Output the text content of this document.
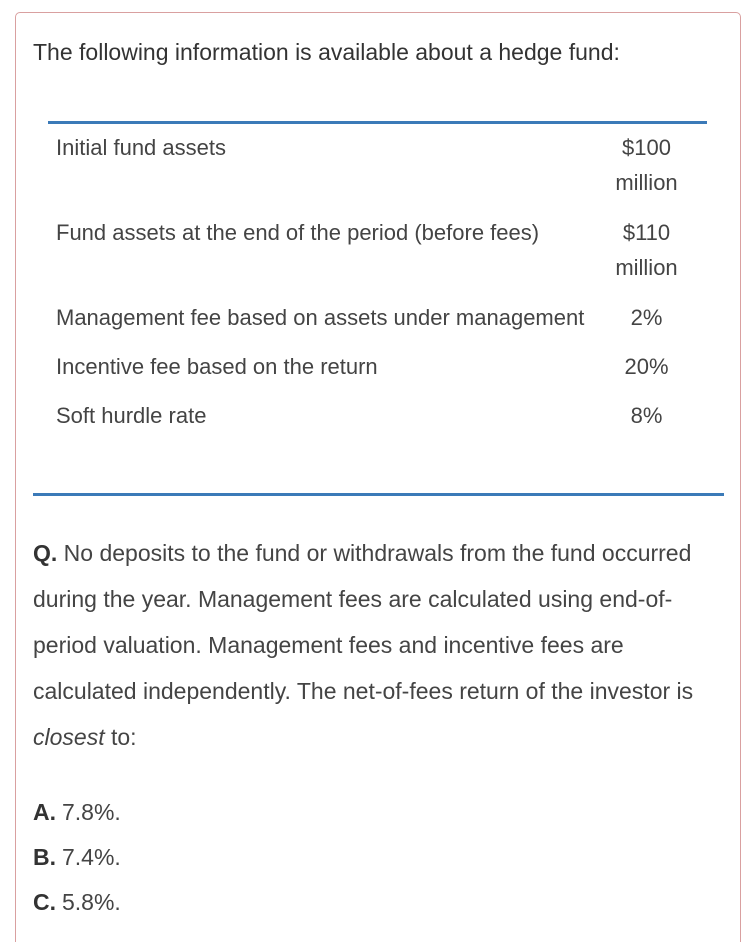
The following information is available about a hedge fund:

Initial fund assets	$100
million
Fund assets at the end of the period (before fees)	$110
million
Management fee based on assets under management	2%
Incentive fee based on the return	20%
Soft hurdle rate	8%

Q. No deposits to the fund or withdrawals from the fund occurred during the year. Management fees are calculated using end-of-period valuation. Management fees and incentive fees are calculated independently. The net-of-fees return of the investor is closest to:

A. 7.8%.
B. 7.4%.
C. 5.8%.
